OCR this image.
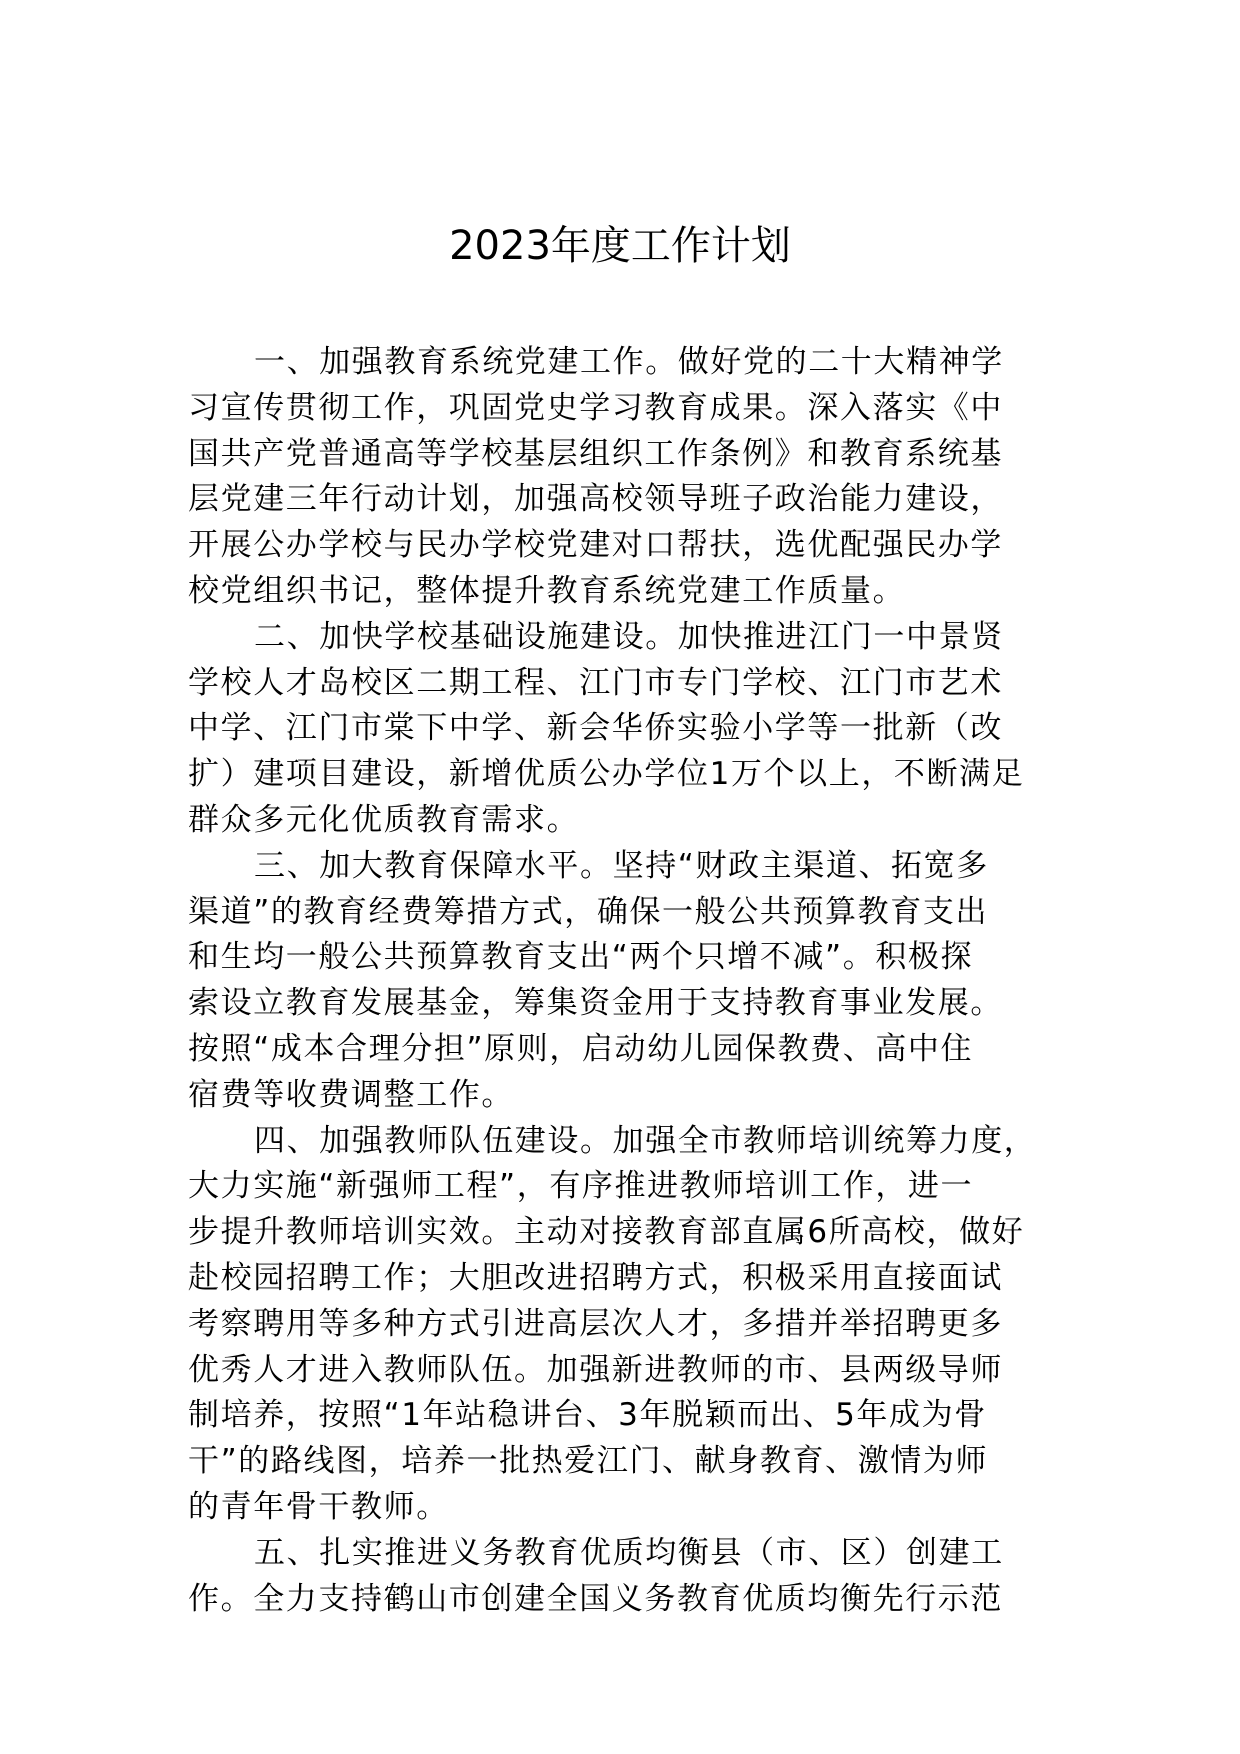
2023年度工作计划
一、加强教育系统党建工作。做好党的二十大精神学
习宣传贯彻工作，巩固党史学习教育成果。深入落实《中
国共产党普通高等学校基层组织工作条例》和教育系统基
层党建三年行动计划，加强高校领导班子政治能力建设，
开展公办学校与民办学校党建对口帮扶，选优配强民办学
校党组织书记，整体提升教育系统党建工作质量。
二、加快学校基础设施建设。加快推进江门一中景贤
学校人才岛校区二期工程、江门市专门学校、江门市艺术
中学、江门市棠下中学、新会华侨实验小学等一批新（改
扩）建项目建设，新增优质公办学位1万个以上，不断满足
群众多元化优质教育需求。
三、加大教育保障水平。坚持“财政主渠道、拓宽多
渠道”的教育经费筹措方式，确保一般公共预算教育支出
和生均一般公共预算教育支出“两个只增不减”。积极探
索设立教育发展基金，筹集资金用于支持教育事业发展。
按照“成本合理分担”原则，启动幼儿园保教费、高中住
宿费等收费调整工作。
四、加强教师队伍建设。加强全市教师培训统筹力度，
大力实施“新强师工程”，有序推进教师培训工作，进一
步提升教师培训实效。主动对接教育部直属6所高校，做好
赴校园招聘工作；大胆改进招聘方式，积极采用直接面试
考察聘用等多种方式引进高层次人才，多措并举招聘更多
优秀人才进入教师队伍。加强新进教师的市、县两级导师
制培养，按照“1年站稳讲台、3年脱颖而出、5年成为骨
干”的路线图，培养一批热爱江门、献身教育、激情为师
的青年骨干教师。
五、扎实推进义务教育优质均衡县（市、区）创建工
作。全力支持鹤山市创建全国义务教育优质均衡先行示范
